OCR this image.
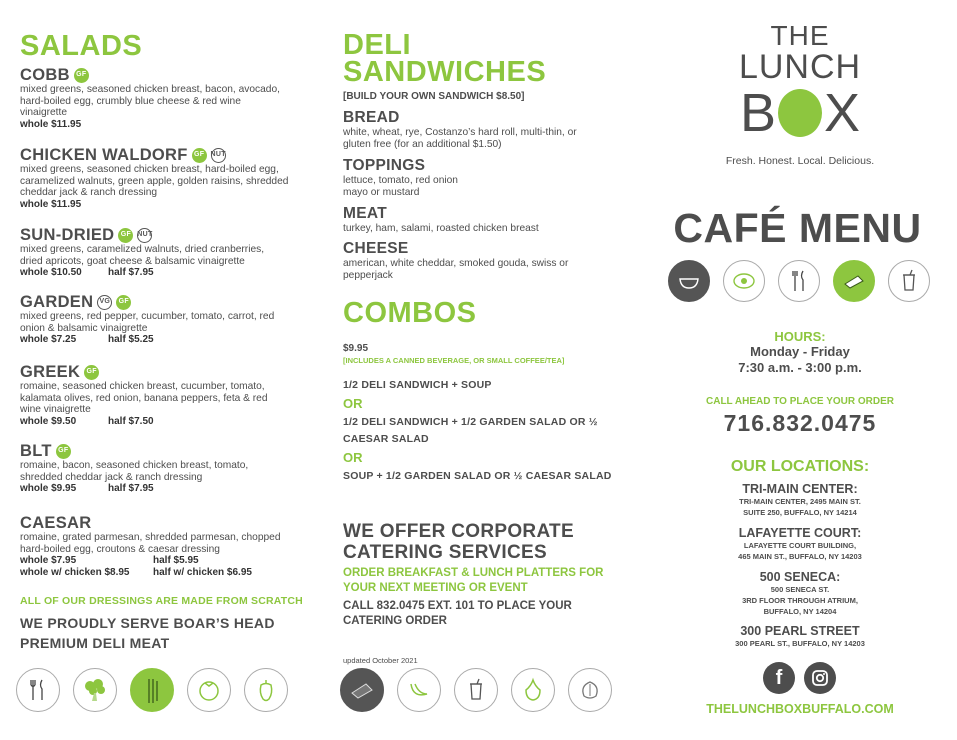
SALADS
COBB GF
mixed greens, seasoned chicken breast, bacon, avocado, hard-boiled egg, crumbly blue cheese & red wine vinaigrette
whole $11.95
CHICKEN WALDORF GF NUT
mixed greens, seasoned chicken breast, hard-boiled egg, caramelized walnuts, green apple, golden raisins, shredded cheddar jack & ranch dressing
whole $11.95
SUN-DRIED GF NUT
mixed greens, caramelized walnuts, dried cranberries, dried apricots, goat cheese & balsamic vinaigrette
whole $10.50	half $7.95
GARDEN VG	GF
mixed greens, red pepper, cucumber, tomato, carrot, red onion & balsamic vinaigrette
whole $7.25	half $5.25
GREEK GF
romaine, seasoned chicken breast, cucumber, tomato, kalamata olives, red onion, banana peppers, feta & red wine vinaigrette
whole $9.50	half $7.50
BLT GF
romaine, bacon, seasoned chicken breast, tomato, shredded cheddar jack & ranch dressing
whole $9.95	half $7.95
CAESAR
romaine, grated parmesan, shredded parmesan, chopped hard-boiled egg, croutons & caesar dressing
whole $7.95	half $5.95
whole w/ chicken $8.95	half w/ chicken $6.95
ALL OF OUR DRESSINGS ARE MADE FROM SCRATCH
WE PROUDLY SERVE BOAR’S HEAD PREMIUM DELI MEAT
DELI
SANDWICHES
[BUILD YOUR OWN SANDWICH $8.50]
BREAD
white, wheat, rye, Costanzo’s hard roll, multi-thin, or gluten free (for an additional $1.50)
TOPPINGS
lettuce, tomato, red onion
mayo or mustard
MEAT
turkey, ham, salami, roasted chicken breast
CHEESE
american, white cheddar, smoked gouda, swiss or pepperjack
COMBOS
$9.95
[INCLUDES A CANNED BEVERAGE, OR SMALL COFFEE/TEA]
1/2 DELI SANDWICH + SOUP
OR
1/2 DELI SANDWICH + 1/2 GARDEN SALAD OR ½ CAESAR SALAD
OR
SOUP + 1/2 GARDEN SALAD OR ½ CAESAR SALAD
WE OFFER CORPORATE CATERING SERVICES
ORDER BREAKFAST & LUNCH PLATTERS FOR YOUR NEXT MEETING OR EVENT
CALL 832.0475 EXT. 101 TO PLACE YOUR CATERING ORDER
updated October 2021
THE
LUNCH
B X
Fresh. Honest. Local. Delicious.
CAFÉ MENU
HOURS:
Monday - Friday
7:30 a.m. - 3:00 p.m.
CALL AHEAD TO PLACE YOUR ORDER
716.832.0475
OUR LOCATIONS:
TRI-MAIN CENTER:
TRI-MAIN CENTER, 2495 MAIN ST.
SUITE 250, BUFFALO, NY 14214
LAFAYETTE COURT:
LAFAYETTE COURT BUILDING,
465 MAIN ST., BUFFALO, NY 14203
500 SENECA:
500 SENECA ST.
3RD FLOOR THROUGH ATRIUM,
BUFFALO, NY 14204
300 PEARL STREET
300 PEARL ST., BUFFALO, NY 14203
f
THELUNCHBOXBUFFALO.COM
